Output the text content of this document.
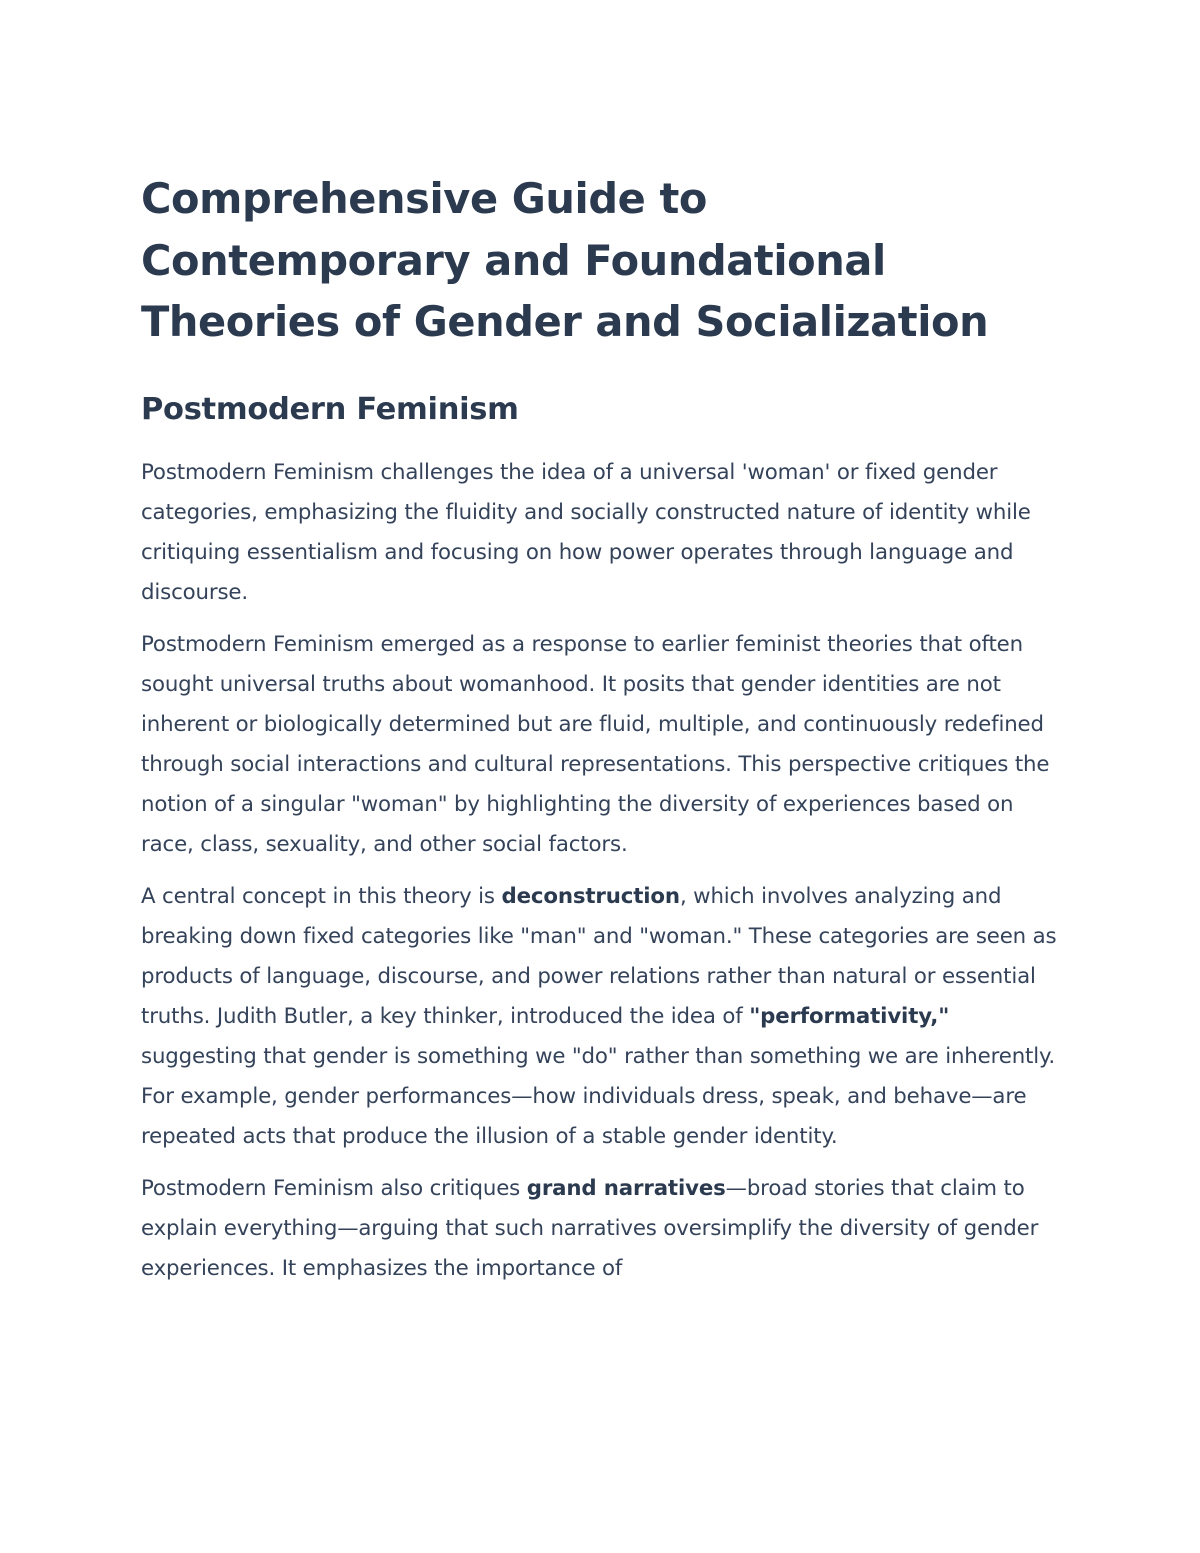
Comprehensive Guide to
Contemporary and Foundational
Theories of Gender and Socialization
Postmodern Feminism

Postmodern Feminism challenges the idea of a universal 'woman' or fixed gender categories, emphasizing the fluidity and socially constructed nature of identity while critiquing essentialism and focusing on how power operates through language and discourse.

Postmodern Feminism emerged as a response to earlier feminist theories that often sought universal truths about womanhood. It posits that gender identities are not inherent or biologically determined but are fluid, multiple, and continuously redefined through social interactions and cultural representations. This perspective critiques the notion of a singular "woman" by highlighting the diversity of experiences based on race, class, sexuality, and other social factors.

A central concept in this theory is deconstruction, which involves analyzing and breaking down fixed categories like "man" and "woman." These categories are seen as products of language, discourse, and power relations rather than natural or essential truths. Judith Butler, a key thinker, introduced the idea of "performativity," suggesting that gender is something we "do" rather than something we are inherently. For example, gender performances—how individuals dress, speak, and behave—are repeated acts that produce the illusion of a stable gender identity.

Postmodern Feminism also critiques grand narratives—broad stories that claim to explain everything—arguing that such narratives oversimplify the diversity of gender experiences. It emphasizes the importance of
